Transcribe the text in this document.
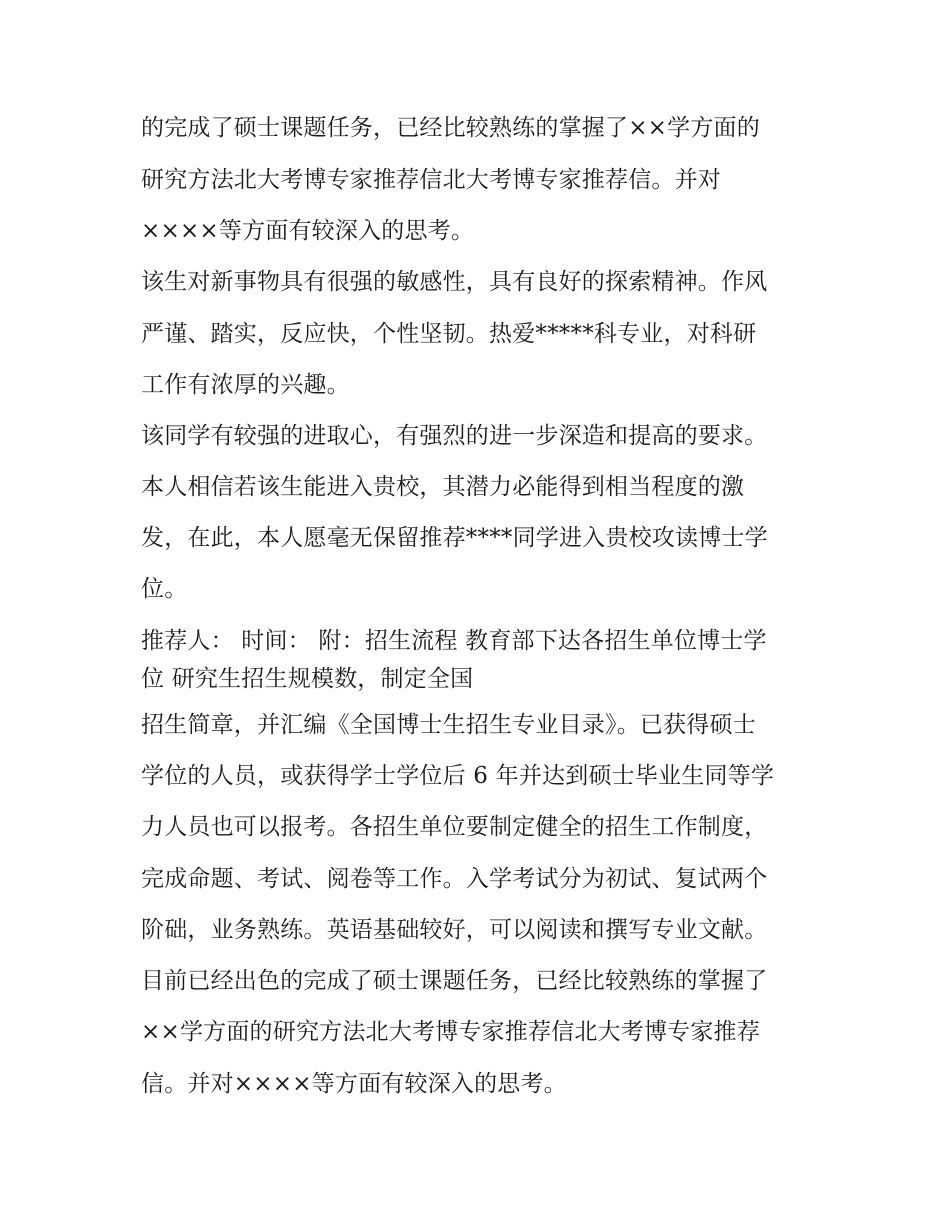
的完成了硕士课题任务，已经比较熟练的掌握了××学方面的
研究方法北大考博专家推荐信北大考博专家推荐信。并对
××××等方面有较深入的思考。
该生对新事物具有很强的敏感性，具有良好的探索精神。作风
严谨、踏实，反应快，个性坚韧。热爱*****科专业，对科研
工作有浓厚的兴趣。
该同学有较强的进取心，有强烈的进一步深造和提高的要求。
本人相信若该生能进入贵校，其潜力必能得到相当程度的激
发，在此，本人愿毫无保留推荐****同学进入贵校攻读博士学
位。
推荐人： 时间： 附：招生流程 教育部下达各招生单位博士学
位 研究生招生规模数，制定全国
招生简章，并汇编《全国博士生招生专业目录》。已获得硕士
学位的人员，或获得学士学位后 6 年并达到硕士毕业生同等学
力人员也可以报考。各招生单位要制定健全的招生工作制度，
完成命题、考试、阅卷等工作。入学考试分为初试、复试两个
阶础，业务熟练。英语基础较好，可以阅读和撰写专业文献。
目前已经出色的完成了硕士课题任务，已经比较熟练的掌握了
××学方面的研究方法北大考博专家推荐信北大考博专家推荐
信。并对××××等方面有较深入的思考。
